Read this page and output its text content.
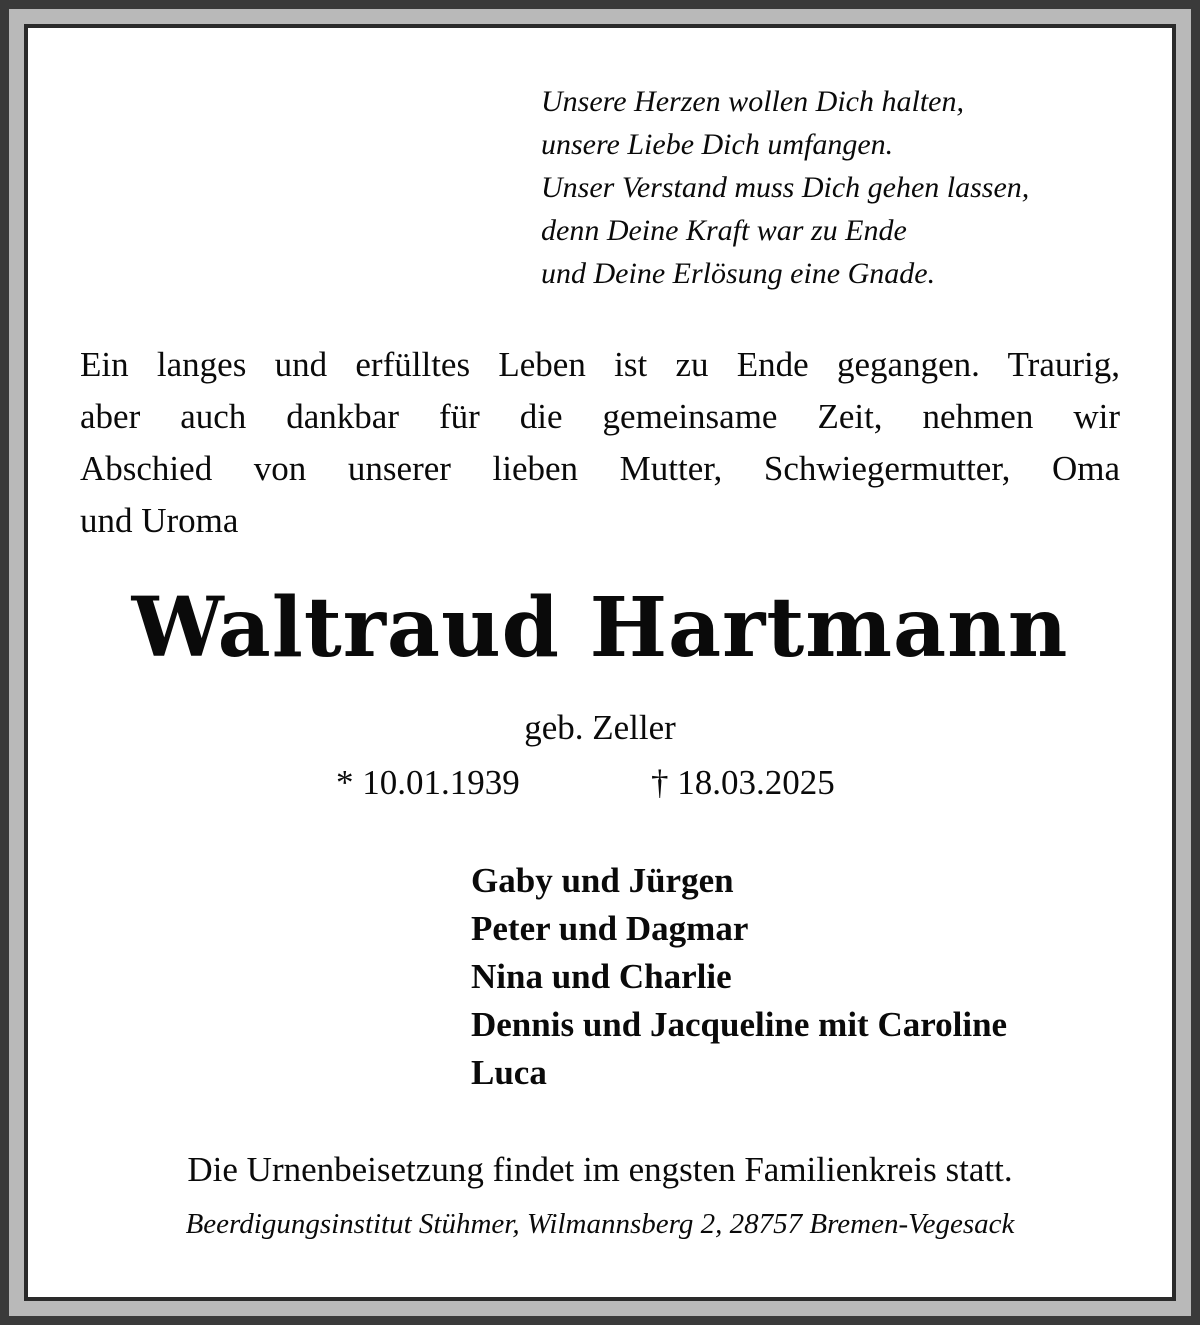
Unsere Herzen wollen Dich halten,
unsere Liebe Dich umfangen.
Unser Verstand muss Dich gehen lassen,
denn Deine Kraft war zu Ende
und Deine Erlösung eine Gnade.
Ein langes und erfülltes Leben ist zu Ende gegangen. Traurig,
aber auch dankbar für die gemeinsame Zeit, nehmen wir
Abschied von unserer lieben Mutter, Schwiegermutter, Oma
und Uroma
Waltraud Hartmann
geb. Zeller
* 10.01.1939	† 18.03.2025
Gaby und Jürgen
Peter und Dagmar
Nina und Charlie
Dennis und Jacqueline mit Caroline
Luca
Die Urnenbeisetzung findet im engsten Familienkreis statt.
Beerdigungsinstitut Stühmer, Wilmannsberg 2, 28757 Bremen-Vegesack
